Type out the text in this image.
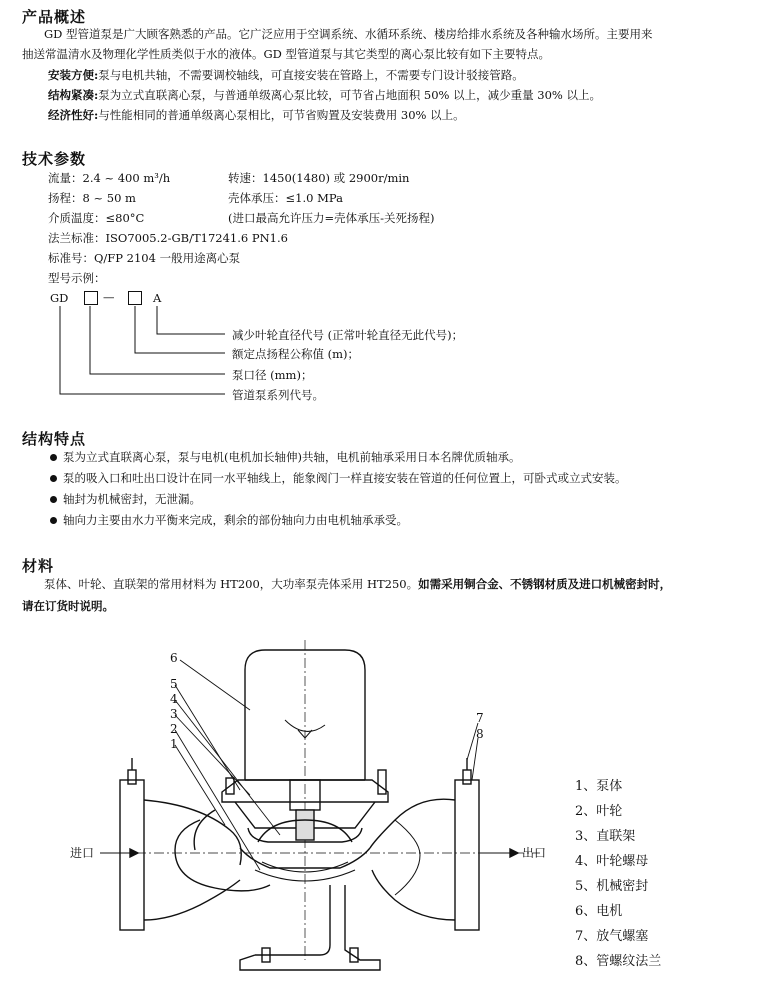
产品概述
GD 型管道泵是广大顾客熟悉的产品。它广泛应用于空调系统、水循环系统、楼房给排水系统及各种输水场所。主要用来
抽送常温清水及物理化学性质类似于水的液体。GD 型管道泵与其它类型的离心泵比较有如下主要特点。
安装方便:泵与电机共轴，不需要调校轴线，可直接安装在管路上，不需要专门设计驳接管路。
结构紧凑:泵为立式直联离心泵，与普通单级离心泵比较，可节省占地面积 50% 以上，减少重量 30% 以上。
经济性好:与性能相同的普通单级离心泵相比，可节省购置及安装费用 30% 以上。
技术参数
流量：2.4 ~ 400 m³/h	转速：1450(1480) 或 2900r/min
扬程：8 ~ 50 m	壳体承压：≤1.0 MPa
介质温度：≤80°C	(进口最高允许压力=壳体承压-关死扬程)
法兰标准：ISO7005.2-GB/T17241.6 PN1.6
标准号：Q/FP 2104 一般用途离心泵
型号示例：
GD	—	A
减少叶轮直径代号 (正常叶轮直径无此代号)；
额定点扬程公称值 (m)；
泵口径 (mm)；
管道泵系列代号。
结构特点
泵为立式直联离心泵，泵与电机(电机加长轴伸)共轴，电机前轴承采用日本名牌优质轴承。
泵的吸入口和吐出口设计在同一水平轴线上，能象阀门一样直接安装在管道的任何位置上，可卧式或立式安装。
轴封为机械密封，无泄漏。
轴向力主要由水力平衡来完成，剩余的部份轴向力由电机轴承承受。
材料
泵体、叶轮、直联架的常用材料为 HT200，大功率泵壳体采用 HT250。如需采用铜合金、不锈钢材质及进口机械密封时，
请在订货时说明。
6
5
4
3
2
1
7
8
进口	出口
1、泵体
2、叶轮
3、直联架
4、叶轮螺母
5、机械密封
6、电机
7、放气螺塞
8、管螺纹法兰
